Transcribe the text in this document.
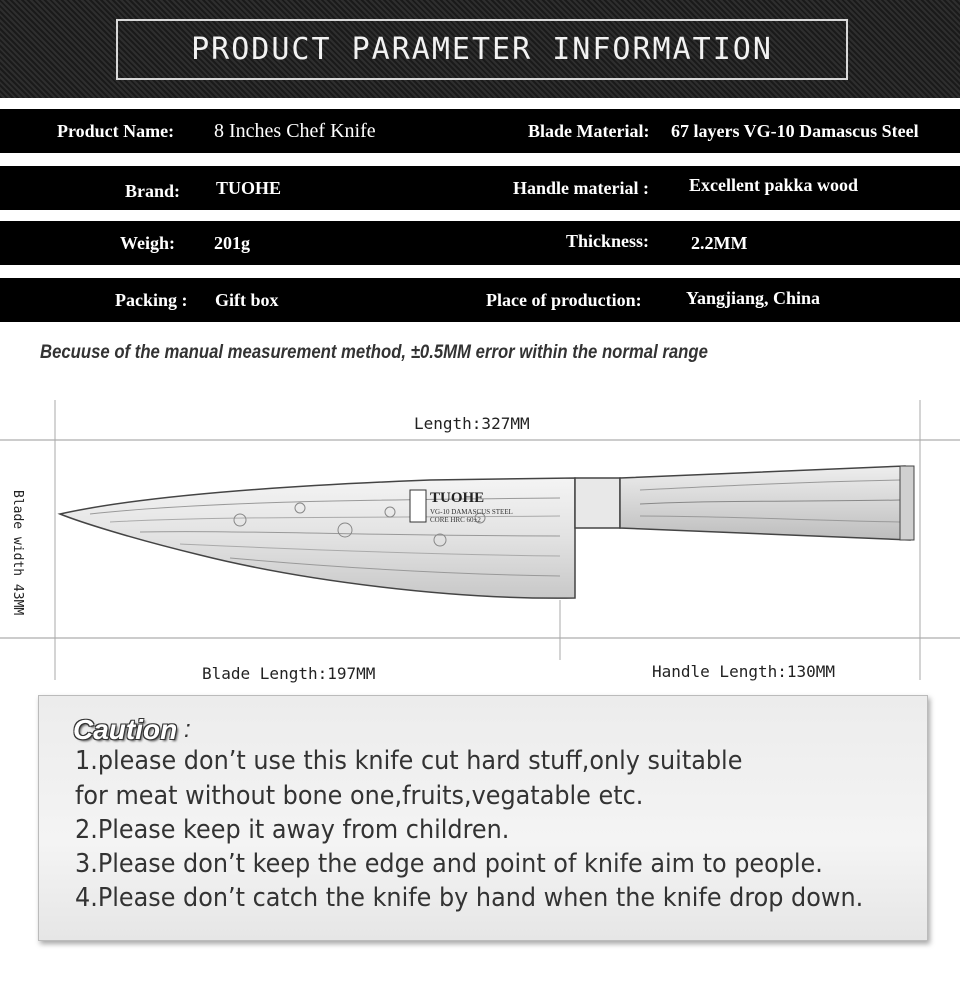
PRODUCT PARAMETER INFORMATION
Product Name: 8 Inches Chef Knife	Blade Material: 67 layers VG-10 Damascus Steel
Brand: TUOHE	Handle material : Excellent pakka wood
Weigh: 201g	Thickness: 2.2MM
Packing : Gift box	Place of production: Yangjiang, China
Becuuse of the manual measurement method, ±0.5MM error within the normal range
Length:327MM
Blade width 43MM
Blade Length:197MM	Handle Length:130MM
TUOHE
VG-10 DAMASCUS STEEL
CORE HRC 60±2
Caution :
1.please don’t use this knife cut hard stuff,only suitable
for meat without bone one,fruits,vegatable etc.
2.Please keep it away from children.
3.Please don’t keep the edge and point of knife aim to people.
4.Please don’t catch the knife by hand when the knife drop down.
